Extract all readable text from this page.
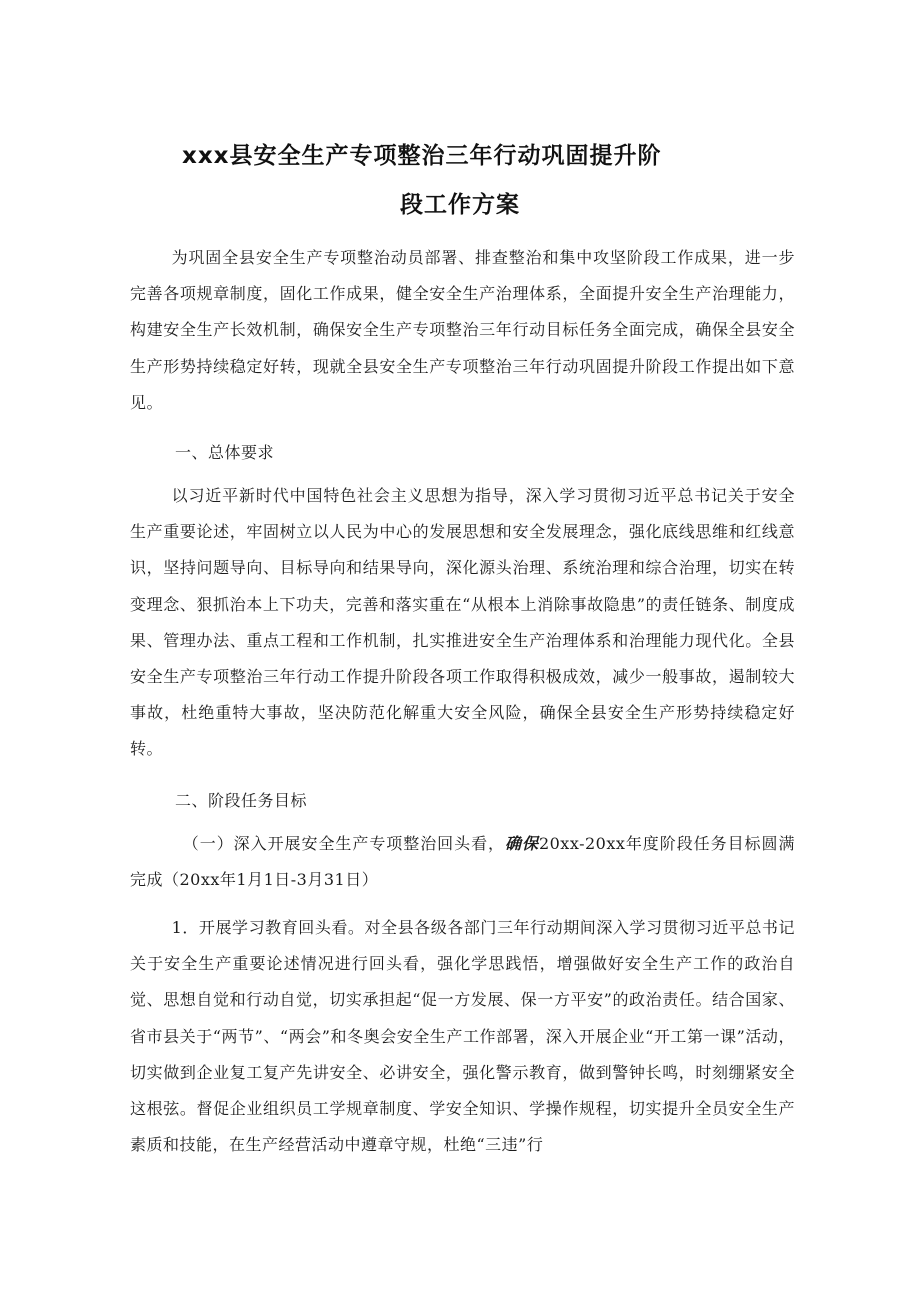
xxx县安全生产专项整治三年行动巩固提升阶
段工作方案
为巩固全县安全生产专项整治动员部署、排查整治和集中攻坚阶段工作成果，进一步完善各项规章制度，固化工作成果，健全安全生产治理体系，全面提升安全生产治理能力，构建安全生产长效机制，确保安全生产专项整治三年行动目标任务全面完成，确保全县安全生产形势持续稳定好转，现就全县安全生产专项整治三年行动巩固提升阶段工作提出如下意见。
一、总体要求
以习近平新时代中国特色社会主义思想为指导，深入学习贯彻习近平总书记关于安全生产重要论述，牢固树立以人民为中心的发展思想和安全发展理念，强化底线思维和红线意识，坚持问题导向、目标导向和结果导向，深化源头治理、系统治理和综合治理，切实在转变理念、狠抓治本上下功夫，完善和落实重在“从根本上消除事故隐患”的责任链条、制度成果、管理办法、重点工程和工作机制，扎实推进安全生产治理体系和治理能力现代化。全县安全生产专项整治三年行动工作提升阶段各项工作取得积极成效，减少一般事故，遏制较大事故，杜绝重特大事故，坚决防范化解重大安全风险，确保全县安全生产形势持续稳定好转。
二、阶段任务目标
（一）深入开展安全生产专项整治回头看，确保20xx-20xx年度阶段任务目标圆满完成（20xx年1月1日-3月31日）
1．开展学习教育回头看。对全县各级各部门三年行动期间深入学习贯彻习近平总书记关于安全生产重要论述情况进行回头看，强化学思践悟，增强做好安全生产工作的政治自觉、思想自觉和行动自觉，切实承担起“促一方发展、保一方平安”的政治责任。结合国家、省市县关于“两节”、“两会”和冬奥会安全生产工作部署，深入开展企业“开工第一课”活动，切实做到企业复工复产先讲安全、必讲安全，强化警示教育，做到警钟长鸣，时刻绷紧安全这根弦。督促企业组织员工学规章制度、学安全知识、学操作规程，切实提升全员安全生产素质和技能，在生产经营活动中遵章守规，杜绝“三违”行
